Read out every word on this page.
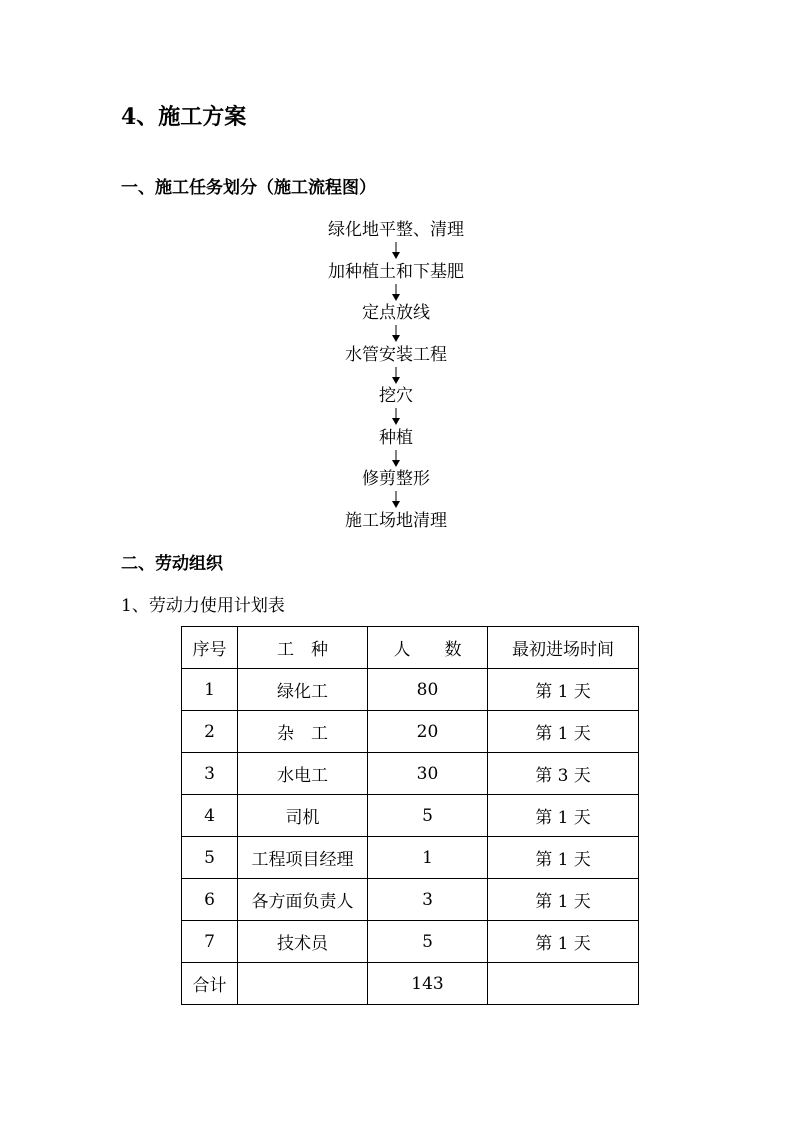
4、施工方案
一、施工任务划分（施工流程图）
绿化地平整、清理
加种植土和下基肥
定点放线
水管安装工程
挖穴
种植
修剪整形
施工场地清理
二、劳动组织
1、劳动力使用计划表
序号	工　种	人　　数	最初进场时间
1	绿化工	80	第 1 天
2	杂　工	20	第 1 天
3	水电工	30	第 3 天
4	司机	5	第 1 天
5	工程项目经理	1	第 1 天
6	各方面负责人	3	第 1 天
7	技术员	5	第 1 天
合计		143	
